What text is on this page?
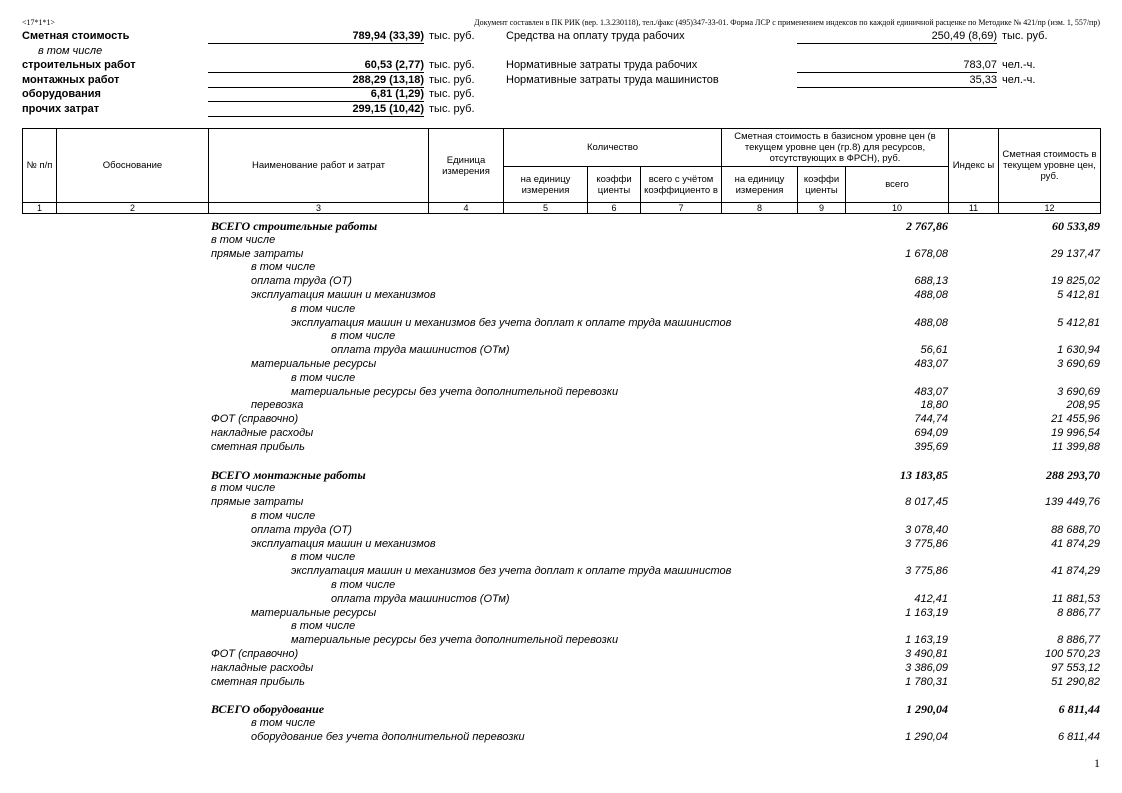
<17*1*1>	Документ составлен в ПК РИК (вер. 1.3.230118), тел./факс (495)347-33-01. Форма ЛСР с применением индексов по каждой единичной расценке по Методике № 421/пр (изм. 1, 557/пр)
Сметная стоимость	789,94 (33,39) тыс. руб.
в том числе
строительных работ	60,53 (2,77) тыс. руб.
монтажных работ	288,29 (13,18) тыс. руб.
оборудования	6,81 (1,29) тыс. руб.
прочих затрат	299,15 (10,42) тыс. руб.
Средства на оплату труда рабочих	250,49 (8,69) тыс. руб.
Нормативные затраты труда рабочих	783,07 чел.-ч.
Нормативные затраты труда машинистов	35,33 чел.-ч.
№ п/п	Обоснование	Наименование работ и затрат	Единица измерения	Количество			Сметная стоимость в базисном уровне цен (в текущем уровне цен (гр.8) для ресурсов, отсутствующих в ФРСН), руб.			Индекс ы	Сметная стоимость в текущем уровне цен, руб.
				на единицу измерения	коэффи циенты	всего с учётом коэффициенто в	на единицу измерения	коэффи циенты	всего		
1	2	3	4	5	6	7	8	9	10	11	12
ВСЕГО строительные работы	2 767,86	60 533,89
в том числе
прямые затраты	1 678,08	29 137,47
в том числе
оплата труда (ОТ)	688,13	19 825,02
эксплуатация машин и механизмов	488,08	5 412,81
в том числе
эксплуатация машин и механизмов без учета доплат к оплате труда машинистов	488,08	5 412,81
в том числе
оплата труда машинистов (ОТм)	56,61	1 630,94
материальные ресурсы	483,07	3 690,69
в том числе
материальные ресурсы без учета дополнительной перевозки	483,07	3 690,69
перевозка	18,80	208,95
ФОТ (справочно)	744,74	21 455,96
накладные расходы	694,09	19 996,54
сметная прибыль	395,69	11 399,88
ВСЕГО монтажные работы	13 183,85	288 293,70
в том числе
прямые затраты	8 017,45	139 449,76
в том числе
оплата труда (ОТ)	3 078,40	88 688,70
эксплуатация машин и механизмов	3 775,86	41 874,29
в том числе
эксплуатация машин и механизмов без учета доплат к оплате труда машинистов	3 775,86	41 874,29
в том числе
оплата труда машинистов (ОТм)	412,41	11 881,53
материальные ресурсы	1 163,19	8 886,77
в том числе
материальные ресурсы без учета дополнительной перевозки	1 163,19	8 886,77
ФОТ (справочно)	3 490,81	100 570,23
накладные расходы	3 386,09	97 553,12
сметная прибыль	1 780,31	51 290,82
ВСЕГО оборудование	1 290,04	6 811,44
в том числе
оборудование без учета дополнительной перевозки	1 290,04	6 811,44
1
